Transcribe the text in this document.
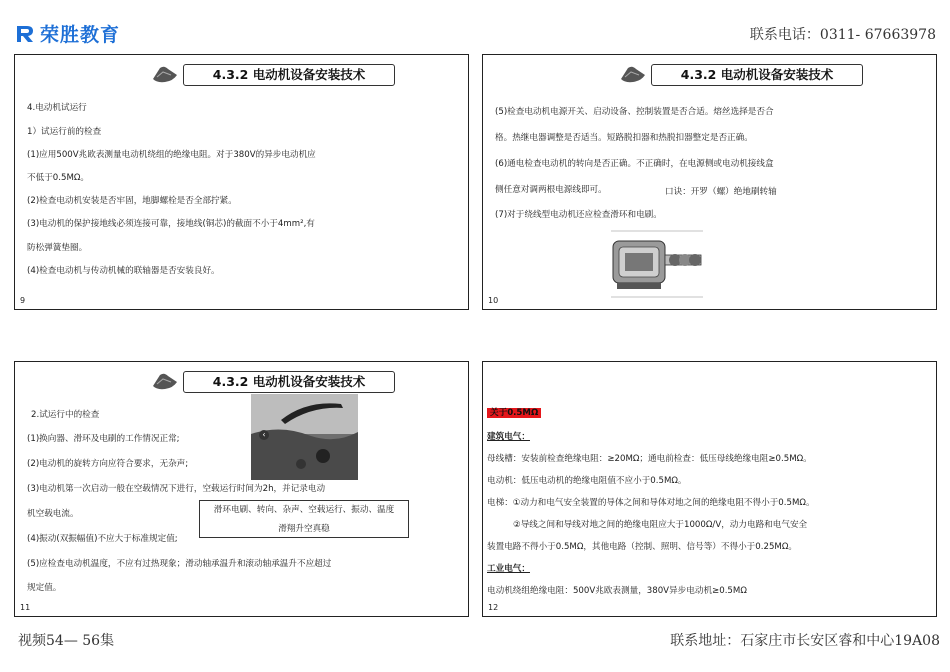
荣胜教育	联系电话：0311- 67663978
4.3.2 电动机设备安装技术
4.电动机试运行
1）试运行前的检查
(1)应用500V兆欧表测量电动机绕组的绝缘电阻。对于380V的异步电动机应
不低于0.5MΩ。
(2)检查电动机安装是否牢固，地脚螺栓是否全部拧紧。
(3)电动机的保护接地线必须连接可靠，接地线(铜芯)的截面不小于4mm²,有
防松弹簧垫圈。
(4)检查电动机与传动机械的联轴器是否安装良好。
9
4.3.2 电动机设备安装技术
(5)检查电动机电源开关、启动设备、控制装置是否合适。熔丝选择是否合
格。热继电器调整是否适当。短路脱扣器和热脱扣器整定是否正确。
(6)通电检查电动机的转向是否正确。不正确时，在电源侧或电动机接线盒
侧任意对调两根电源线即可。	口诀：开罗（螺）绝地刷转轴
(7)对于绕线型电动机还应检查滑环和电刷。
10
4.3.2 电动机设备安装技术
2.试运行中的检查
(1)换向器、滑环及电刷的工作情况正常;
(2)电动机的旋转方向应符合要求，无杂声;
(3)电动机第一次启动一般在空载情况下进行，空载运行时间为2h，并记录电动
机空载电流。
(4)振动(双振幅值)不应大于标准规定值;
(5)应检查电动机温度，不应有过热现象；滑动轴承温升和滚动轴承温升不应超过
规定值。
滑环电刷、转向、杂声、空载运行、振动、温度
滑翔升空真稳
‹
11
关于0.5MΩ
建筑电气：
母线槽：安装前检查绝缘电阻：≥20MΩ；通电前检查：低压母线绝缘电阻≥0.5MΩ。
电动机：低压电动机的绝缘电阻值不应小于0.5MΩ。
电梯：①动力和电气安全装置的导体之间和导体对地之间的绝缘电阻不得小于0.5MΩ。
②导线之间和导线对地之间的绝缘电阻应大于1000Ω/V，动力电路和电气安全
装置电路不得小于0.5MΩ，其他电路（控制、照明、信号等）不得小于0.25MΩ。
工业电气：
电动机绕组绝缘电阻：500V兆欧表测量，380V异步电动机≥0.5MΩ
12
视频54— 56集	联系地址：石家庄市长安区睿和中心19A08
